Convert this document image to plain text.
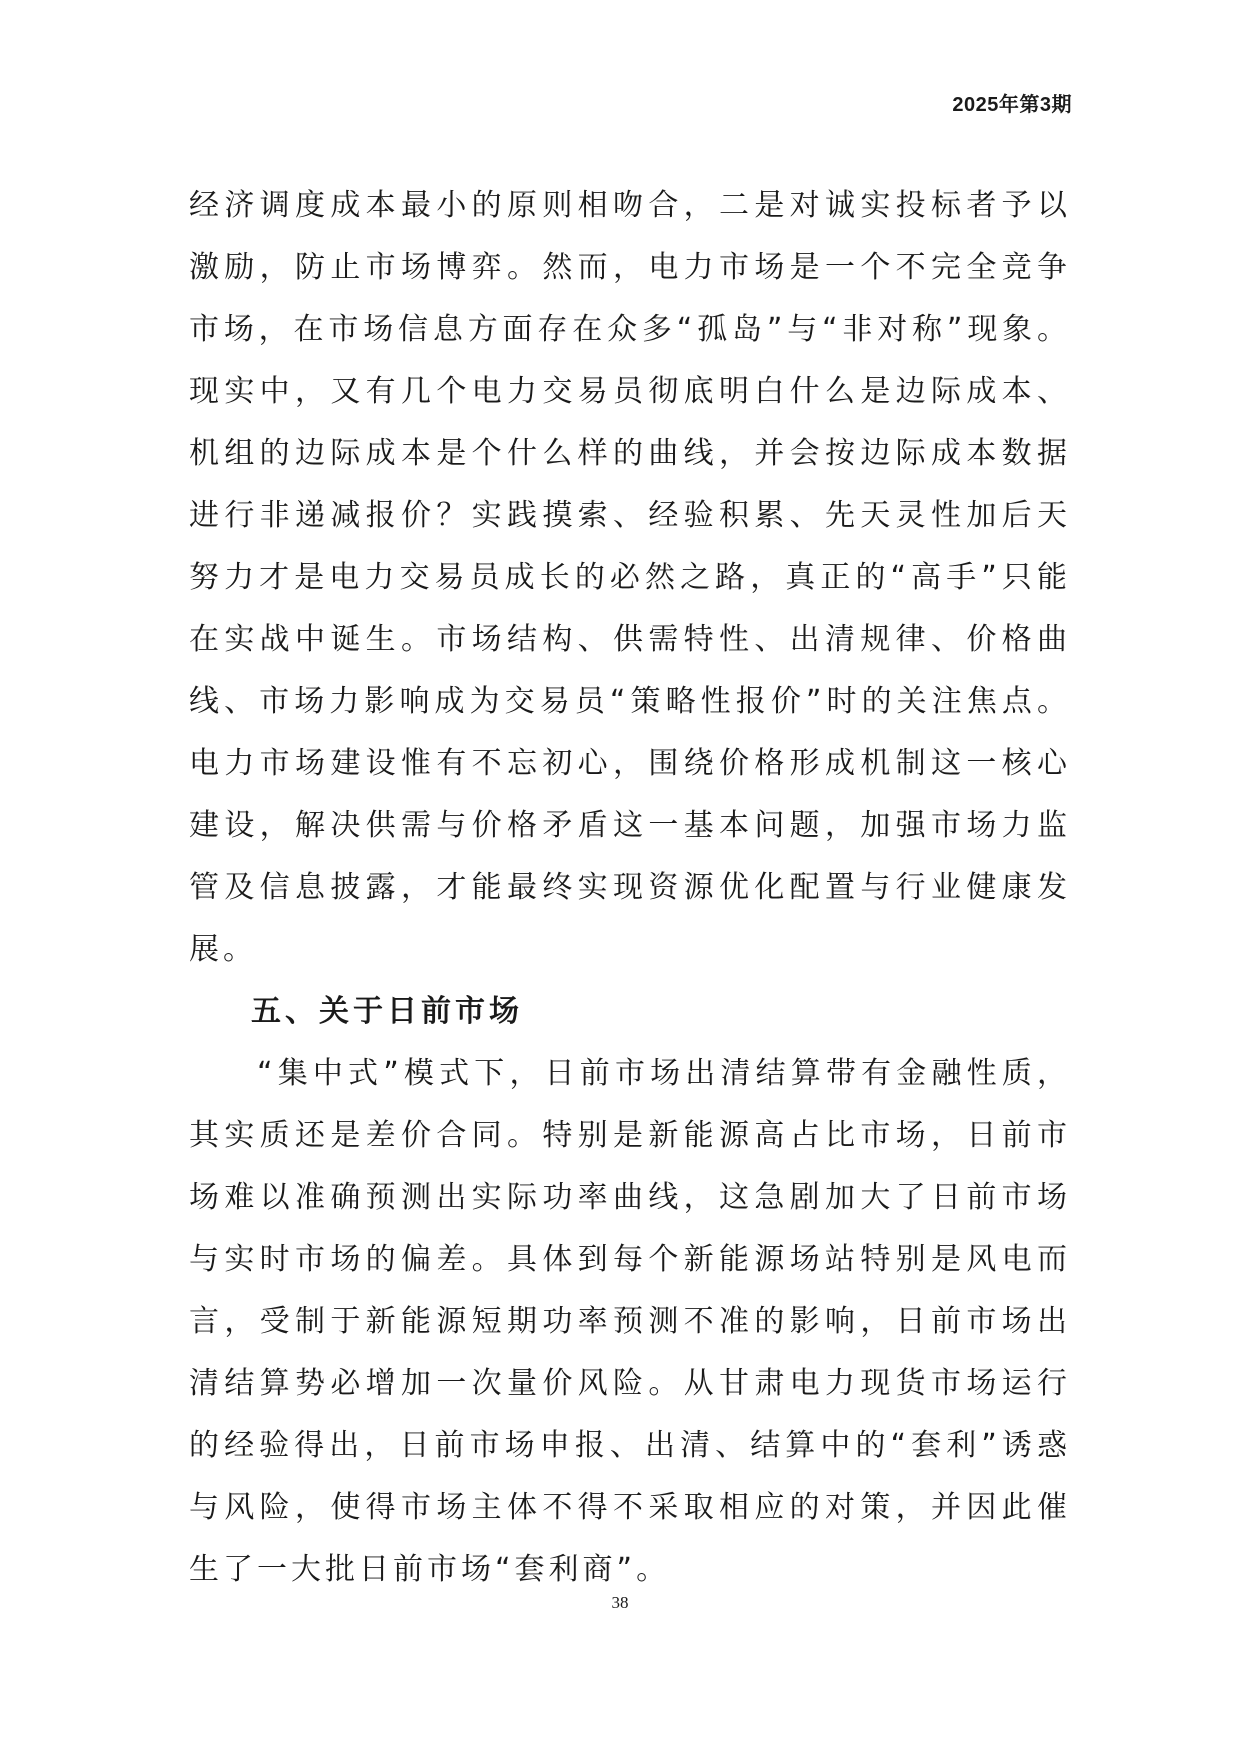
2025年第3期

经济调度成本最小的原则相吻合，二是对诚实投标者予以激励，防止市场博弈。然而，电力市场是一个不完全竞争市场，在市场信息方面存在众多“孤岛”与“非对称”现象。现实中，又有几个电力交易员彻底明白什么是边际成本、机组的边际成本是个什么样的曲线，并会按边际成本数据进行非递减报价？实践摸索、经验积累、先天灵性加后天努力才是电力交易员成长的必然之路，真正的“高手”只能在实战中诞生。市场结构、供需特性、出清规律、价格曲线、市场力影响成为交易员“策略性报价”时的关注焦点。电力市场建设惟有不忘初心，围绕价格形成机制这一核心建设，解决供需与价格矛盾这一基本问题，加强市场力监管及信息披露，才能最终实现资源优化配置与行业健康发展。

五、关于日前市场

“集中式”模式下，日前市场出清结算带有金融性质，其实质还是差价合同。特别是新能源高占比市场，日前市场难以准确预测出实际功率曲线，这急剧加大了日前市场与实时市场的偏差。具体到每个新能源场站特别是风电而言，受制于新能源短期功率预测不准的影响，日前市场出清结算势必增加一次量价风险。从甘肃电力现货市场运行的经验得出，日前市场申报、出清、结算中的“套利”诱惑与风险，使得市场主体不得不采取相应的对策，并因此催生了一大批日前市场“套利商”。

38
